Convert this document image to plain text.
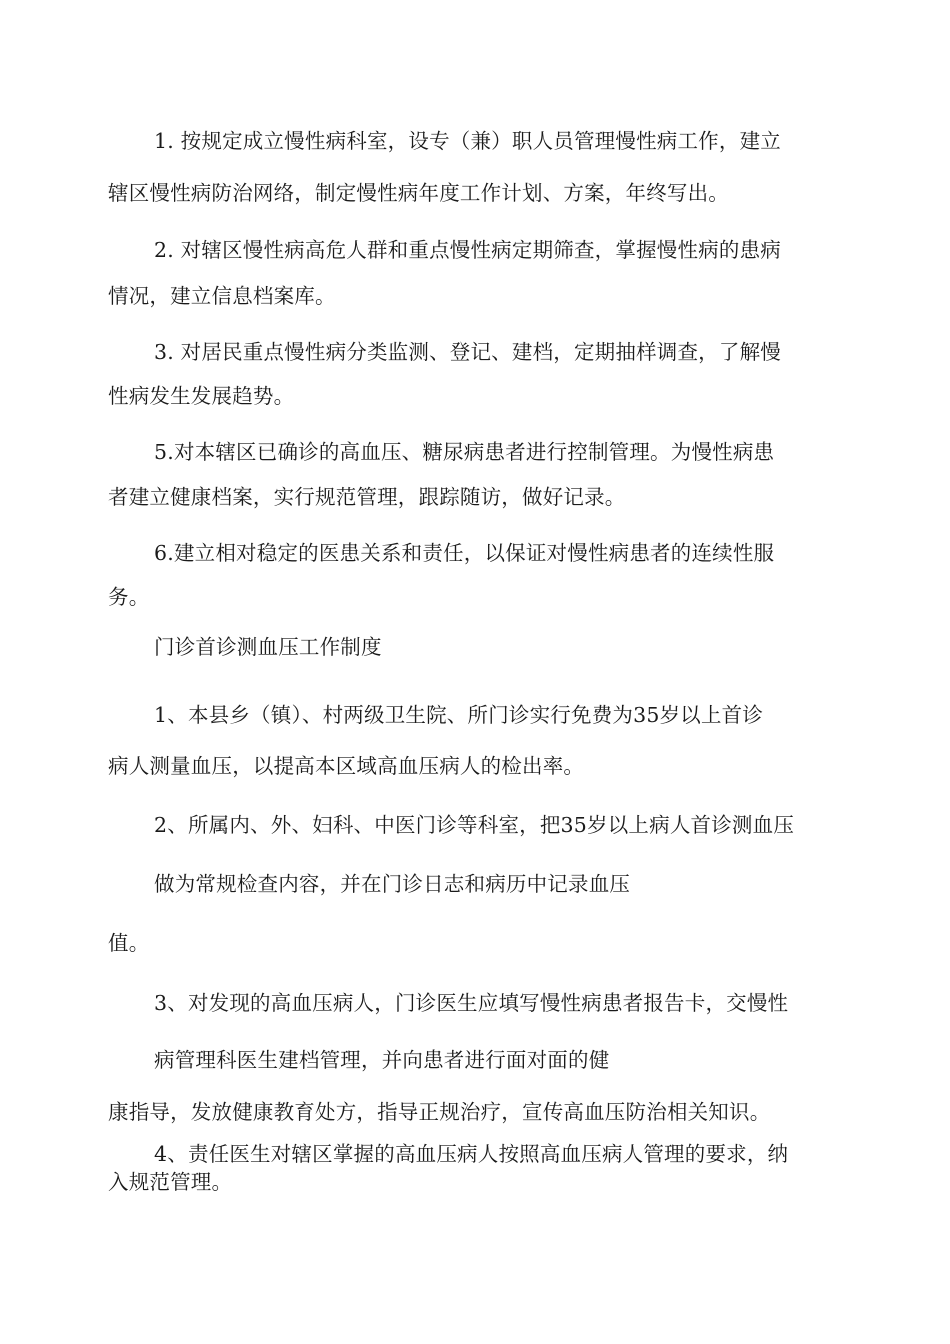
1. 按规定成立慢性病科室，设专（兼）职人员管理慢性病工作，建立
辖区慢性病防治网络，制定慢性病年度工作计划、方案，年终写出。
2. 对辖区慢性病高危人群和重点慢性病定期筛查，掌握慢性病的患病
情况，建立信息档案库。
3. 对居民重点慢性病分类监测、登记、建档，定期抽样调查，了解慢
性病发生发展趋势。
5.对本辖区已确诊的高血压、糖尿病患者进行控制管理。为慢性病患
者建立健康档案，实行规范管理，跟踪随访，做好记录。
6.建立相对稳定的医患关系和责任，以保证对慢性病患者的连续性服
务。
门诊首诊测血压工作制度
1、本县乡（镇）、村两级卫生院、所门诊实行免费为35岁以上首诊
病人测量血压，以提高本区域高血压病人的检出率。
2、所属内、外、妇科、中医门诊等科室，把35岁以上病人首诊测血压
做为常规检查内容，并在门诊日志和病历中记录血压
值。
3、对发现的高血压病人，门诊医生应填写慢性病患者报告卡，交慢性
病管理科医生建档管理，并向患者进行面对面的健
康指导，发放健康教育处方，指导正规治疗，宣传高血压防治相关知识。
4、责任医生对辖区掌握的高血压病人按照高血压病人管理的要求，纳
入规范管理。
